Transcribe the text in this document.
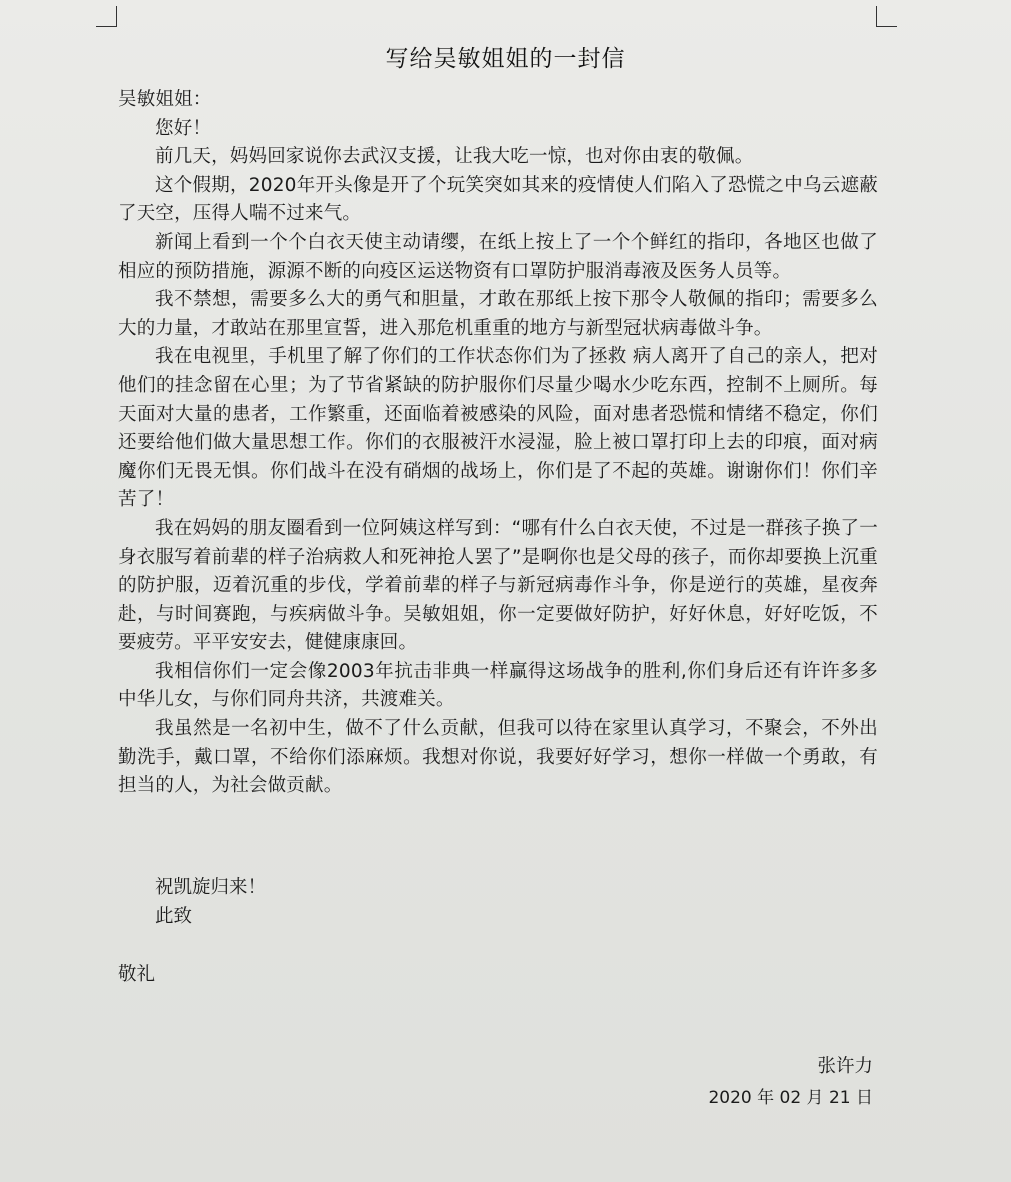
写给吴敏姐姐的一封信

吴敏姐姐：

您好！

前几天，妈妈回家说你去武汉支援，让我大吃一惊，也对你由衷的敬佩。

这个假期，2020年开头像是开了个玩笑突如其来的疫情使人们陷入了恐慌之中乌云遮蔽了天空，压得人喘不过来气。

新闻上看到一个个白衣天使主动请缨，在纸上按上了一个个鲜红的指印，各地区也做了相应的预防措施，源源不断的向疫区运送物资有口罩防护服消毒液及医务人员等。

我不禁想，需要多么大的勇气和胆量，才敢在那纸上按下那令人敬佩的指印；需要多么大的力量，才敢站在那里宣誓，进入那危机重重的地方与新型冠状病毒做斗争。

我在电视里，手机里了解了你们的工作状态你们为了拯救 病人离开了自己的亲人，把对他们的挂念留在心里；为了节省紧缺的防护服你们尽量少喝水少吃东西，控制不上厕所。每天面对大量的患者，工作繁重，还面临着被感染的风险，面对患者恐慌和情绪不稳定，你们还要给他们做大量思想工作。你们的衣服被汗水浸湿，脸上被口罩打印上去的印痕，面对病魔你们无畏无惧。你们战斗在没有硝烟的战场上，你们是了不起的英雄。谢谢你们！你们辛苦了！

我在妈妈的朋友圈看到一位阿姨这样写到：“哪有什么白衣天使，不过是一群孩子换了一身衣服写着前辈的样子治病救人和死神抢人罢了”是啊你也是父母的孩子，而你却要换上沉重的防护服，迈着沉重的步伐，学着前辈的样子与新冠病毒作斗争，你是逆行的英雄，星夜奔赴，与时间赛跑，与疾病做斗争。吴敏姐姐，你一定要做好防护，好好休息，好好吃饭，不要疲劳。平平安安去，健健康康回。

我相信你们一定会像2003年抗击非典一样赢得这场战争的胜利,你们身后还有许许多多中华儿女，与你们同舟共济，共渡难关。

我虽然是一名初中生，做不了什么贡献，但我可以待在家里认真学习，不聚会，不外出勤洗手，戴口罩，不给你们添麻烦。我想对你说，我要好好学习，想你一样做一个勇敢，有担当的人，为社会做贡献。

祝凯旋归来！
此致
敬礼
张许力
2020 年 02 月 21 日
